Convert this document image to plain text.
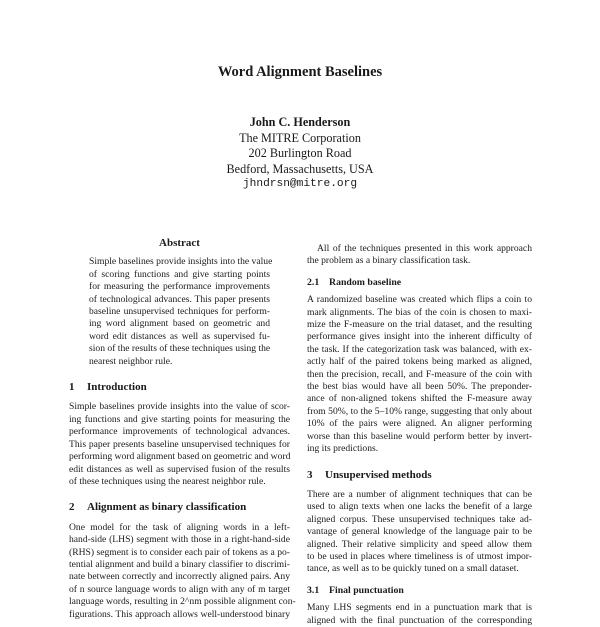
Word Alignment Baselines
John C. Henderson
The MITRE Corporation
202 Burlington Road
Bedford, Massachusetts, USA
jhndrsn@mitre.org
Abstract
Simple baselines provide insights into the value
of scoring functions and give starting points
for measuring the performance improvements
of technological advances. This paper presents
baseline unsupervised techniques for perform-
ing word alignment based on geometric and
word edit distances as well as supervised fu-
sion of the results of these techniques using the
nearest neighbor rule.
1 Introduction
Simple baselines provide insights into the value of scor-
ing functions and give starting points for measuring the
performance improvements of technological advances.
This paper presents baseline unsupervised techniques for
performing word alignment based on geometric and word
edit distances as well as supervised fusion of the results
of these techniques using the nearest neighbor rule.
2 Alignment as binary classification
One model for the task of aligning words in a left-
hand-side (LHS) segment with those in a right-hand-side
(RHS) segment is to consider each pair of tokens as a po-
tential alignment and build a binary classifier to discrimi-
nate between correctly and incorrectly aligned pairs. Any
of n source language words to align with any of m target
language words, resulting in 2^nm possible alignment con-
figurations. This approach allows well-understood binary
All of the techniques presented in this work approach
the problem as a binary classification task.
2.1 Random baseline
A randomized baseline was created which flips a coin to
mark alignments. The bias of the coin is chosen to maxi-
mize the F-measure on the trial dataset, and the resulting
performance gives insight into the inherent difficulty of
the task. If the categorization task was balanced, with ex-
actly half of the paired tokens being marked as aligned,
then the precision, recall, and F-measure of the coin with
the best bias would have all been 50%. The preponder-
ance of non-aligned tokens shifted the F-measure away
from 50%, to the 5–10% range, suggesting that only about
10% of the pairs were aligned. An aligner performing
worse than this baseline would perform better by invert-
ing its predictions.
3 Unsupervised methods
There are a number of alignment techniques that can be
used to align texts when one lacks the benefit of a large
aligned corpus. These unsupervised techniques take ad-
vantage of general knowledge of the language pair to be
aligned. Their relative simplicity and speed allow them
to be used in places where timeliness is of utmost impor-
tance, as well as to be quickly tuned on a small dataset.
3.1 Final punctuation
Many LHS segments end in a punctuation mark that is
aligned with the final punctuation of the corresponding
